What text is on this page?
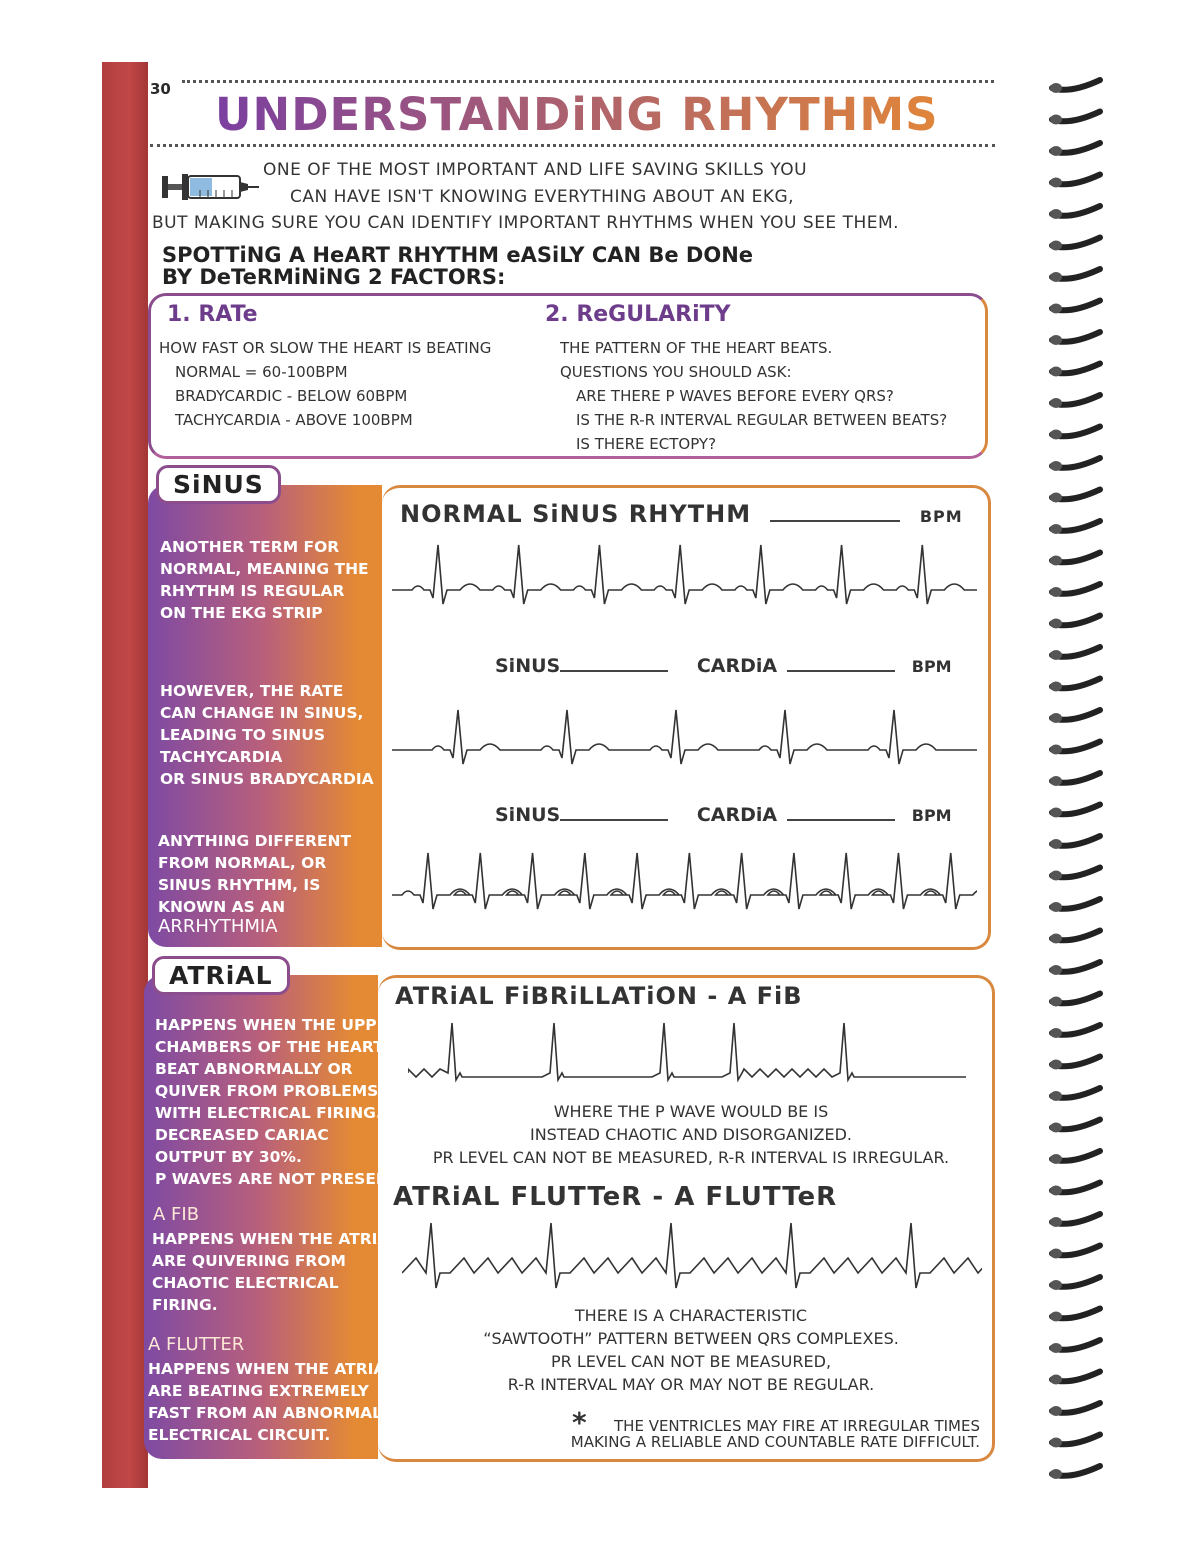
30 UNDERSTANDiNG RHYTHMS
ONE OF THE MOST IMPORTANT AND LIFE SAVING SKILLS YOU
CAN HAVE ISN'T KNOWING EVERYTHING ABOUT AN EKG,
BUT MAKING SURE YOU CAN IDENTIFY IMPORTANT RHYTHMS WHEN YOU SEE THEM.
SPOTTiNG A HeART RHYTHM eASiLY CAN Be DONe
BY DeTeRMiNiNG 2 FACTORS:
1. RATe
HOW FAST OR SLOW THE HEART IS BEATING
NORMAL = 60-100BPM
BRADYCARDIC - BELOW 60BPM
TACHYCARDIA - ABOVE 100BPM
2. ReGULARiTY
THE PATTERN OF THE HEART BEATS.
QUESTIONS YOU SHOULD ASK:
ARE THERE P WAVES BEFORE EVERY QRS?
IS THE R-R INTERVAL REGULAR BETWEEN BEATS?
IS THERE ECTOPY?
SiNUS
ANOTHER TERM FOR
NORMAL, MEANING THE
RHYTHM IS REGULAR
ON THE EKG STRIP
HOWEVER, THE RATE
CAN CHANGE IN SINUS,
LEADING TO SINUS
TACHYCARDIA
OR SINUS BRADYCARDIA
ANYTHING DIFFERENT
FROM NORMAL, OR
SINUS RHYTHM, IS
KNOWN AS AN
ARRHYTHMIA
NORMAL SiNUS RHYTHM	BPM
SiNUS	CARDiA	BPM
SiNUS	CARDiA	BPM
ATRiAL
HAPPENS WHEN THE UPPER
CHAMBERS OF THE HEART
BEAT ABNORMALLY OR
QUIVER FROM PROBLEMS
WITH ELECTRICAL FIRING.
DECREASED CARIAC
OUTPUT BY 30%.
P WAVES ARE NOT PRESENT
A FIB
HAPPENS WHEN THE ATRIA
ARE QUIVERING FROM
CHAOTIC ELECTRICAL
FIRING.
A FLUTTER
HAPPENS WHEN THE ATRIA
ARE BEATING EXTREMELY
FAST FROM AN ABNORMAL
ELECTRICAL CIRCUIT.
ATRiAL FiBRiLLATiON - A FiB
WHERE THE P WAVE WOULD BE IS
INSTEAD CHAOTIC AND DISORGANIZED.
PR LEVEL CAN NOT BE MEASURED, R-R INTERVAL IS IRREGULAR.
ATRiAL FLUTTeR - A FLUTTeR
THERE IS A CHARACTERISTIC
“SAWTOOTH” PATTERN BETWEEN QRS COMPLEXES.
PR LEVEL CAN NOT BE MEASURED,
R-R INTERVAL MAY OR MAY NOT BE REGULAR.
*	THE VENTRICLES MAY FIRE AT IRREGULAR TIMES
MAKING A RELIABLE AND COUNTABLE RATE DIFFICULT.
